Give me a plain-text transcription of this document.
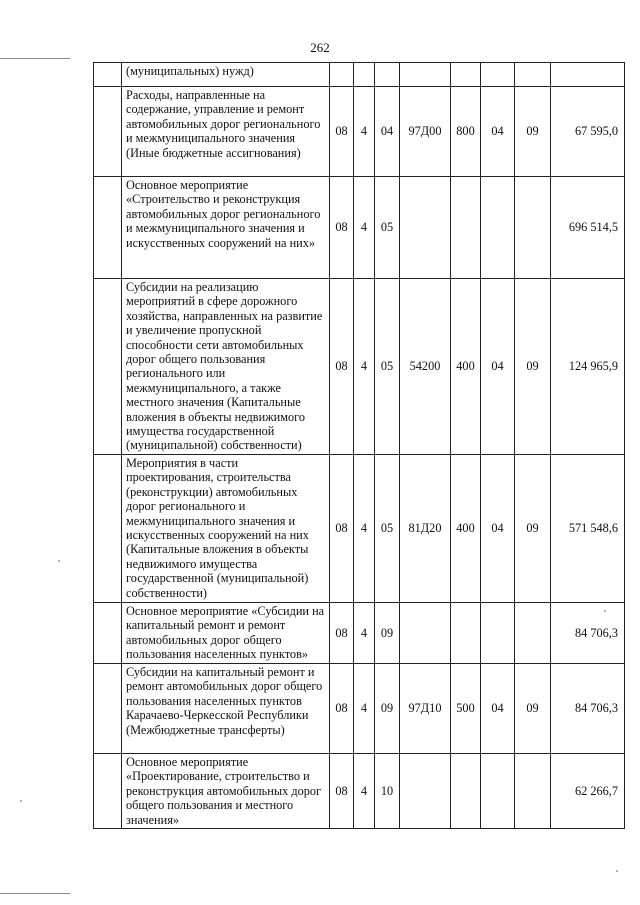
262
	(муниципальных) нужд)								
	Расходы, направленные на содержание, управление и ремонт автомобильных дорог регионального и межмуниципального значения (Иные бюджетные ассигнования)	08	4	04	97Д00	800	04	09	67 595,0
	Основное мероприятие «Строительство и реконструкция автомобильных дорог регионального и межмуниципального значения и искусственных сооружений на них»	08	4	05					696 514,5
	Субсидии на реализацию мероприятий в сфере дорожного хозяйства, направленных на развитие и увеличение пропускной способности сети автомобильных дорог общего пользования регионального или межмуниципального, а также местного значения (Капитальные вложения в объекты недвижимого имущества государственной (муниципальной) собственности)	08	4	05	54200	400	04	09	124 965,9
	Мероприятия в части проектирования, строительства (реконструкции) автомобильных дорог регионального и межмуниципального значения и искусственных сооружений на них (Капитальные вложения в объекты недвижимого имущества государственной (муниципальной) собственности)	08	4	05	81Д20	400	04	09	571 548,6
	Основное мероприятие «Субсидии на капитальный ремонт и ремонт автомобильных дорог общего пользования населенных пунктов»	08	4	09					84 706,3
	Субсидии на капитальный ремонт и ремонт автомобильных дорог общего пользования населенных пунктов Карачаево-Черкесской Республики (Межбюджетные трансферты)	08	4	09	97Д10	500	04	09	84 706,3
	Основное мероприятие «Проектирование, строительство и реконструкция автомобильных дорог общего пользования и местного значения»	08	4	10					62 266,7
